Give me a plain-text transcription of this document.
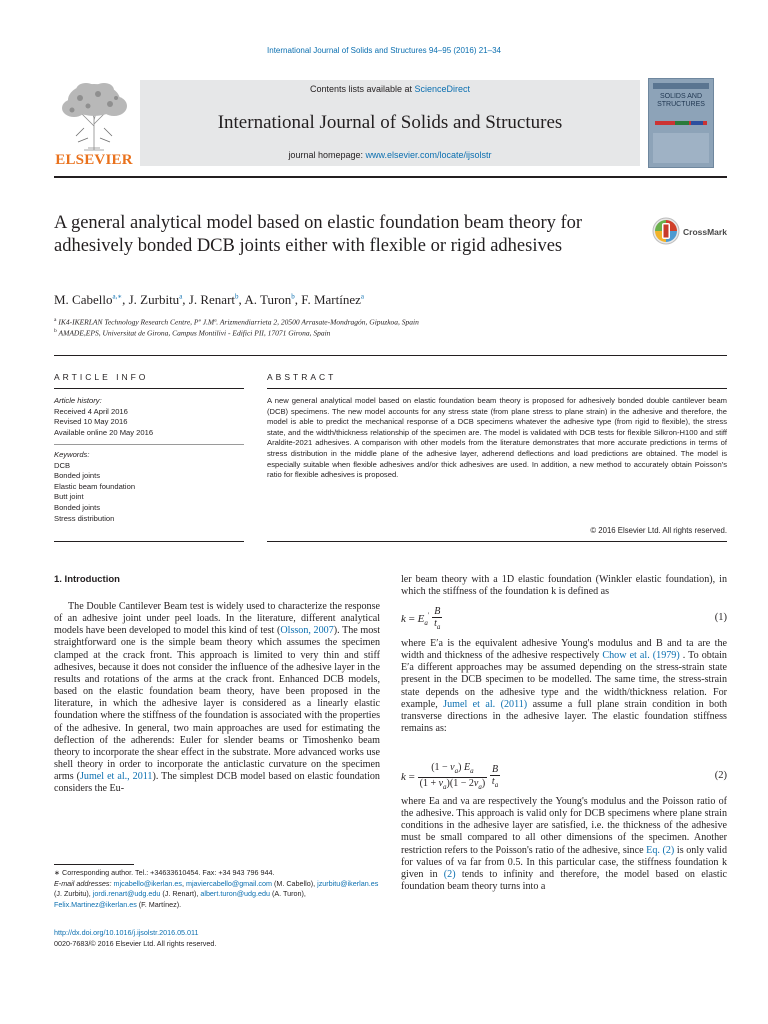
International Journal of Solids and Structures 94–95 (2016) 21–34
ELSEVIER
Contents lists available at ScienceDirect
International Journal of Solids and Structures
journal homepage: www.elsevier.com/locate/ijsolstr
SOLIDS AND STRUCTURES
A general analytical model based on elastic foundation beam theory for adhesively bonded DCB joints either with flexible or rigid adhesives
CrossMark
M. Cabello$^{a,∗}$, J. Zurbitu$^a$, J. Renart$^b$, A. Turon$^b$, F. Martínez$^a$
$^a$ IK4-IKERLAN Technology Research Centre, Pº J.Mª. Arizmendiarrieta 2, 20500 Arrasate-Mondragón, Gipuzkoa, Spain
$^b$ AMADE,EPS, Universitat de Girona, Campus Montilivi - Edifici PII, 17071 Girona, Spain
ARTICLE INFO	ABSTRACT
Article history:
Received 4 April 2016
Revised 10 May 2016
Available online 20 May 2016
Keywords:
DCB
Bonded joints
Elastic beam foundation
Butt joint
Bonded joints
Stress distribution
A new general analytical model based on elastic foundation beam theory is proposed for adhesively bonded double cantilever beam (DCB) specimens. The new model accounts for any stress state (from plane stress to plane strain) in the adhesive and therefore, the model is able to predict the mechanical response of a DCB specimens whatever the adhesive type (from rigid to flexible), the stress state, and the width/thickness relationship of the specimen are. The model is validated with DCB tests for flexible Silkron-H100 and stiff Araldite-2021 adhesives. A comparison with other models from the literature demonstrates that more accurate predictions in terms of stress distribution in the middle plane of the adhesive layer, adherend deflections and load predictions are obtained. The model is especially suitable when flexible adhesives and/or thick adhesives are used. In addition, a new method to accurately obtain Poisson's ratio for flexible adhesives is proposed.
© 2016 Elsevier Ltd. All rights reserved.
1. Introduction
The Double Cantilever Beam test is widely used to characterize the response of an adhesive joint under peel loads. In the literature, different analytical models have been developed to model this kind of test (Olsson, 2007). The most straightforward one is the simple beam theory which assumes the specimen clamped at the crack front. This approach is limited to very thin and stiff adhesives, because it does not consider the influence of the adhesive layer in the results and rotations of the arms at the crack front. Enhanced DCB models, based on the elastic foundation beam theory, have been proposed in the literature, in which the adhesive layer is considered as a linearly elastic foundation where the stiffness of the foundation is associated with the properties of the adhesive. In general, two main approaches are used for estimating the deflection of the adherends: Euler for slender beams or Timoshenko beam theory to incorporate the shear effect in the substrate. More advanced works use shell theory in order to incorporate the anticlastic curvature on the specimen arms (Jumel et al., 2011). The simplest DCB model based on elastic foundation considers the Eu-
ler beam theory with a 1D elastic foundation (Winkler elastic foundation), in which the stiffness of the foundation k is defined as
$k = E_a' \frac{B}{t_a}$	(1)
where E′a is the equivalent adhesive Young's modulus and B and ta are the width and thickness of the adhesive respectively Chow et al. (1979) . To obtain E′a different approaches may be assumed depending on the stress-strain state present in the DCB specimen to be modelled. The same time, the stress-strain state depends on the adhesive type and the width/thickness relation. For example, Jumel et al. (2011) assume a full plane strain condition in both transverse directions in the adhesive layer. The elastic foundation stiffness remains as:
$k = \frac{(1 - \nu_a) E_a}{(1 + \nu_a)(1 - 2\nu_a)}$
$\frac{B}{t_a}$	(2)
where Ea and νa are respectively the Young's modulus and the Poisson ratio of the adhesive. This approach is valid only for DCB specimens where plane strain conditions in the adhesive layer are satisfied, i.e. the thickness of the adhesive must be small compared to all other dimensions of the specimen. Another restriction refers to the Poisson's ratio of the adhesive, since Eq. (2) is only valid for values of νa far from 0.5. In this particular case, the stiffness foundation k given in (2) tends to infinity and therefore, the model based on elastic foundation beam theory turns into a
∗ Corresponding author. Tel.: +34633610454. Fax: +34 943 796 944.
E-mail addresses: mjcabello@ikerlan.es, mjaviercabello@gmail.com (M. Cabello), jzurbitu@ikerlan.es (J. Zurbitu), jordi.renart@udg.edu (J. Renart), albert.turon@udg.edu (A. Turon), Felix.Martinez@ikerlan.es (F. Martínez).
http://dx.doi.org/10.1016/j.ijsolstr.2016.05.011
0020-7683/© 2016 Elsevier Ltd. All rights reserved.
